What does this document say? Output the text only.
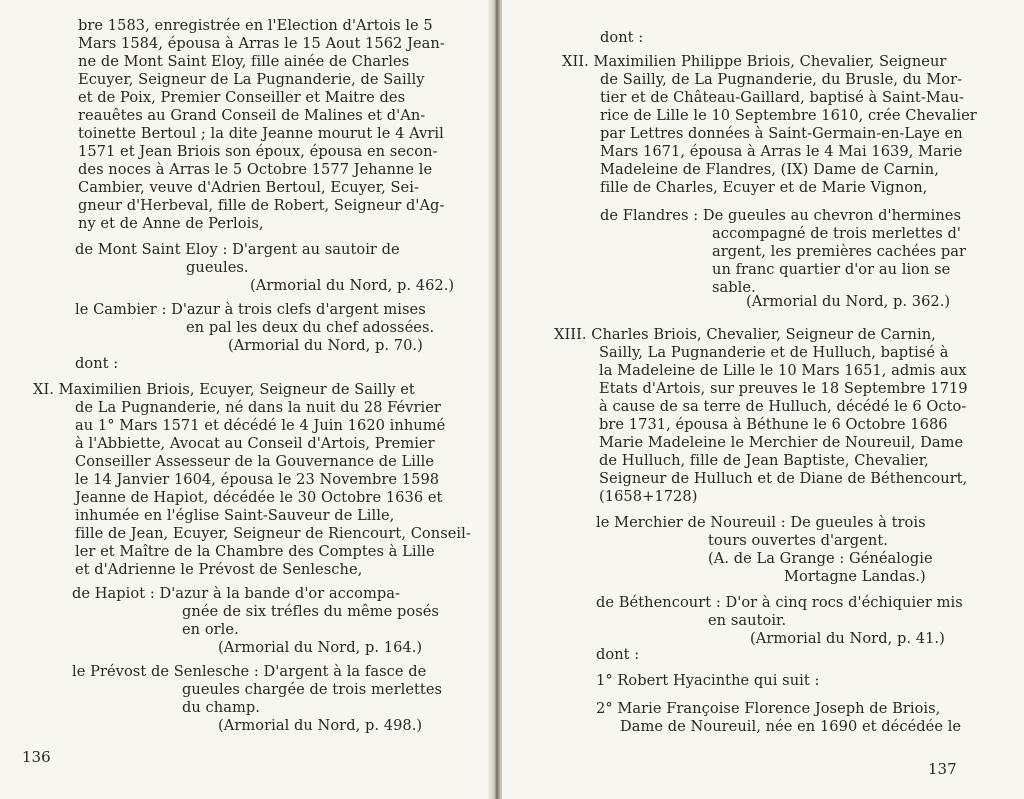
bre 1583, enregistrée en l'Election d'Artois le 5

Mars 1584, épousa à Arras le 15 Aout 1562 Jean-

ne de Mont Saint Eloy, fille ainée de Charles

Ecuyer, Seigneur de La Pugnanderie, de Sailly

et de Poix, Premier Conseiller et Maitre des

reauêtes au Grand Conseil de Malines et d'An-

toinette Bertoul ; la dite Jeanne mourut le 4 Avril

1571 et Jean Briois son époux, épousa en secon-

des noces à Arras le 5 Octobre 1577 Jehanne le

Cambier, veuve d'Adrien Bertoul, Ecuyer, Sei-

gneur d'Herbeval, fille de Robert, Seigneur d'Ag-

ny et de Anne de Perlois,

de Mont Saint Eloy : D'argent au sautoir de

gueules.

(Armorial du Nord, p. 462.)

le Cambier : D'azur à trois clefs d'argent mises

en pal les deux du chef adossées.

(Armorial du Nord, p. 70.)

dont :

XI. Maximilien Briois, Ecuyer, Seigneur de Sailly et

de La Pugnanderie, né dans la nuit du 28 Février

au 1° Mars 1571 et décédé le 4 Juin 1620 inhumé

à l'Abbiette, Avocat au Conseil d'Artois, Premier

Conseiller Assesseur de la Gouvernance de Lille

le 14 Janvier 1604, épousa le 23 Novembre 1598

Jeanne de Hapiot, décédée le 30 Octobre 1636 et

inhumée en l'église Saint-Sauveur de Lille,

fille de Jean, Ecuyer, Seigneur de Riencourt, Conseil-

ler et Maître de la Chambre des Comptes à Lille

et d'Adrienne le Prévost de Senlesche,

de Hapiot : D'azur à la bande d'or accompa-

gnée de six tréfles du même posés

en orle.

(Armorial du Nord, p. 164.)

le Prévost de Senlesche : D'argent à la fasce de

gueules chargée de trois merlettes

du champ.

(Armorial du Nord, p. 498.)

136

dont :

XII. Maximilien Philippe Briois, Chevalier, Seigneur

de Sailly, de La Pugnanderie, du Brusle, du Mor-

tier et de Château-Gaillard, baptisé à Saint-Mau-

rice de Lille le 10 Septembre 1610, crée Chevalier

par Lettres données à Saint-Germain-en-Laye en

Mars 1671, épousa à Arras le 4 Mai 1639, Marie

Madeleine de Flandres, (IX) Dame de Carnin,

fille de Charles, Ecuyer et de Marie Vignon,

de Flandres : De gueules au chevron d'hermines

accompagné de trois merlettes d'

argent, les premières cachées par

un franc quartier d'or au lion se

sable.

(Armorial du Nord, p. 362.)

XIII. Charles Briois, Chevalier, Seigneur de Carnin,

Sailly, La Pugnanderie et de Hulluch, baptisé à

la Madeleine de Lille le 10 Mars 1651, admis aux

Etats d'Artois, sur preuves le 18 Septembre 1719

à cause de sa terre de Hulluch, décédé le 6 Octo-

bre 1731, épousa à Béthune le 6 Octobre 1686

Marie Madeleine le Merchier de Noureuil, Dame

de Hulluch, fille de Jean Baptiste, Chevalier,

Seigneur de Hulluch et de Diane de Béthencourt,

(1658+1728)

le Merchier de Noureuil : De gueules à trois

tours ouvertes d'argent.

(A. de La Grange : Généalogie

Mortagne Landas.)

de Béthencourt : D'or à cinq rocs d'échiquier mis

en sautoir.

(Armorial du Nord, p. 41.)

dont :

1° Robert Hyacinthe qui suit :

2° Marie Françoise Florence Joseph de Briois,

Dame de Noureuil, née en 1690 et décédée le

137
